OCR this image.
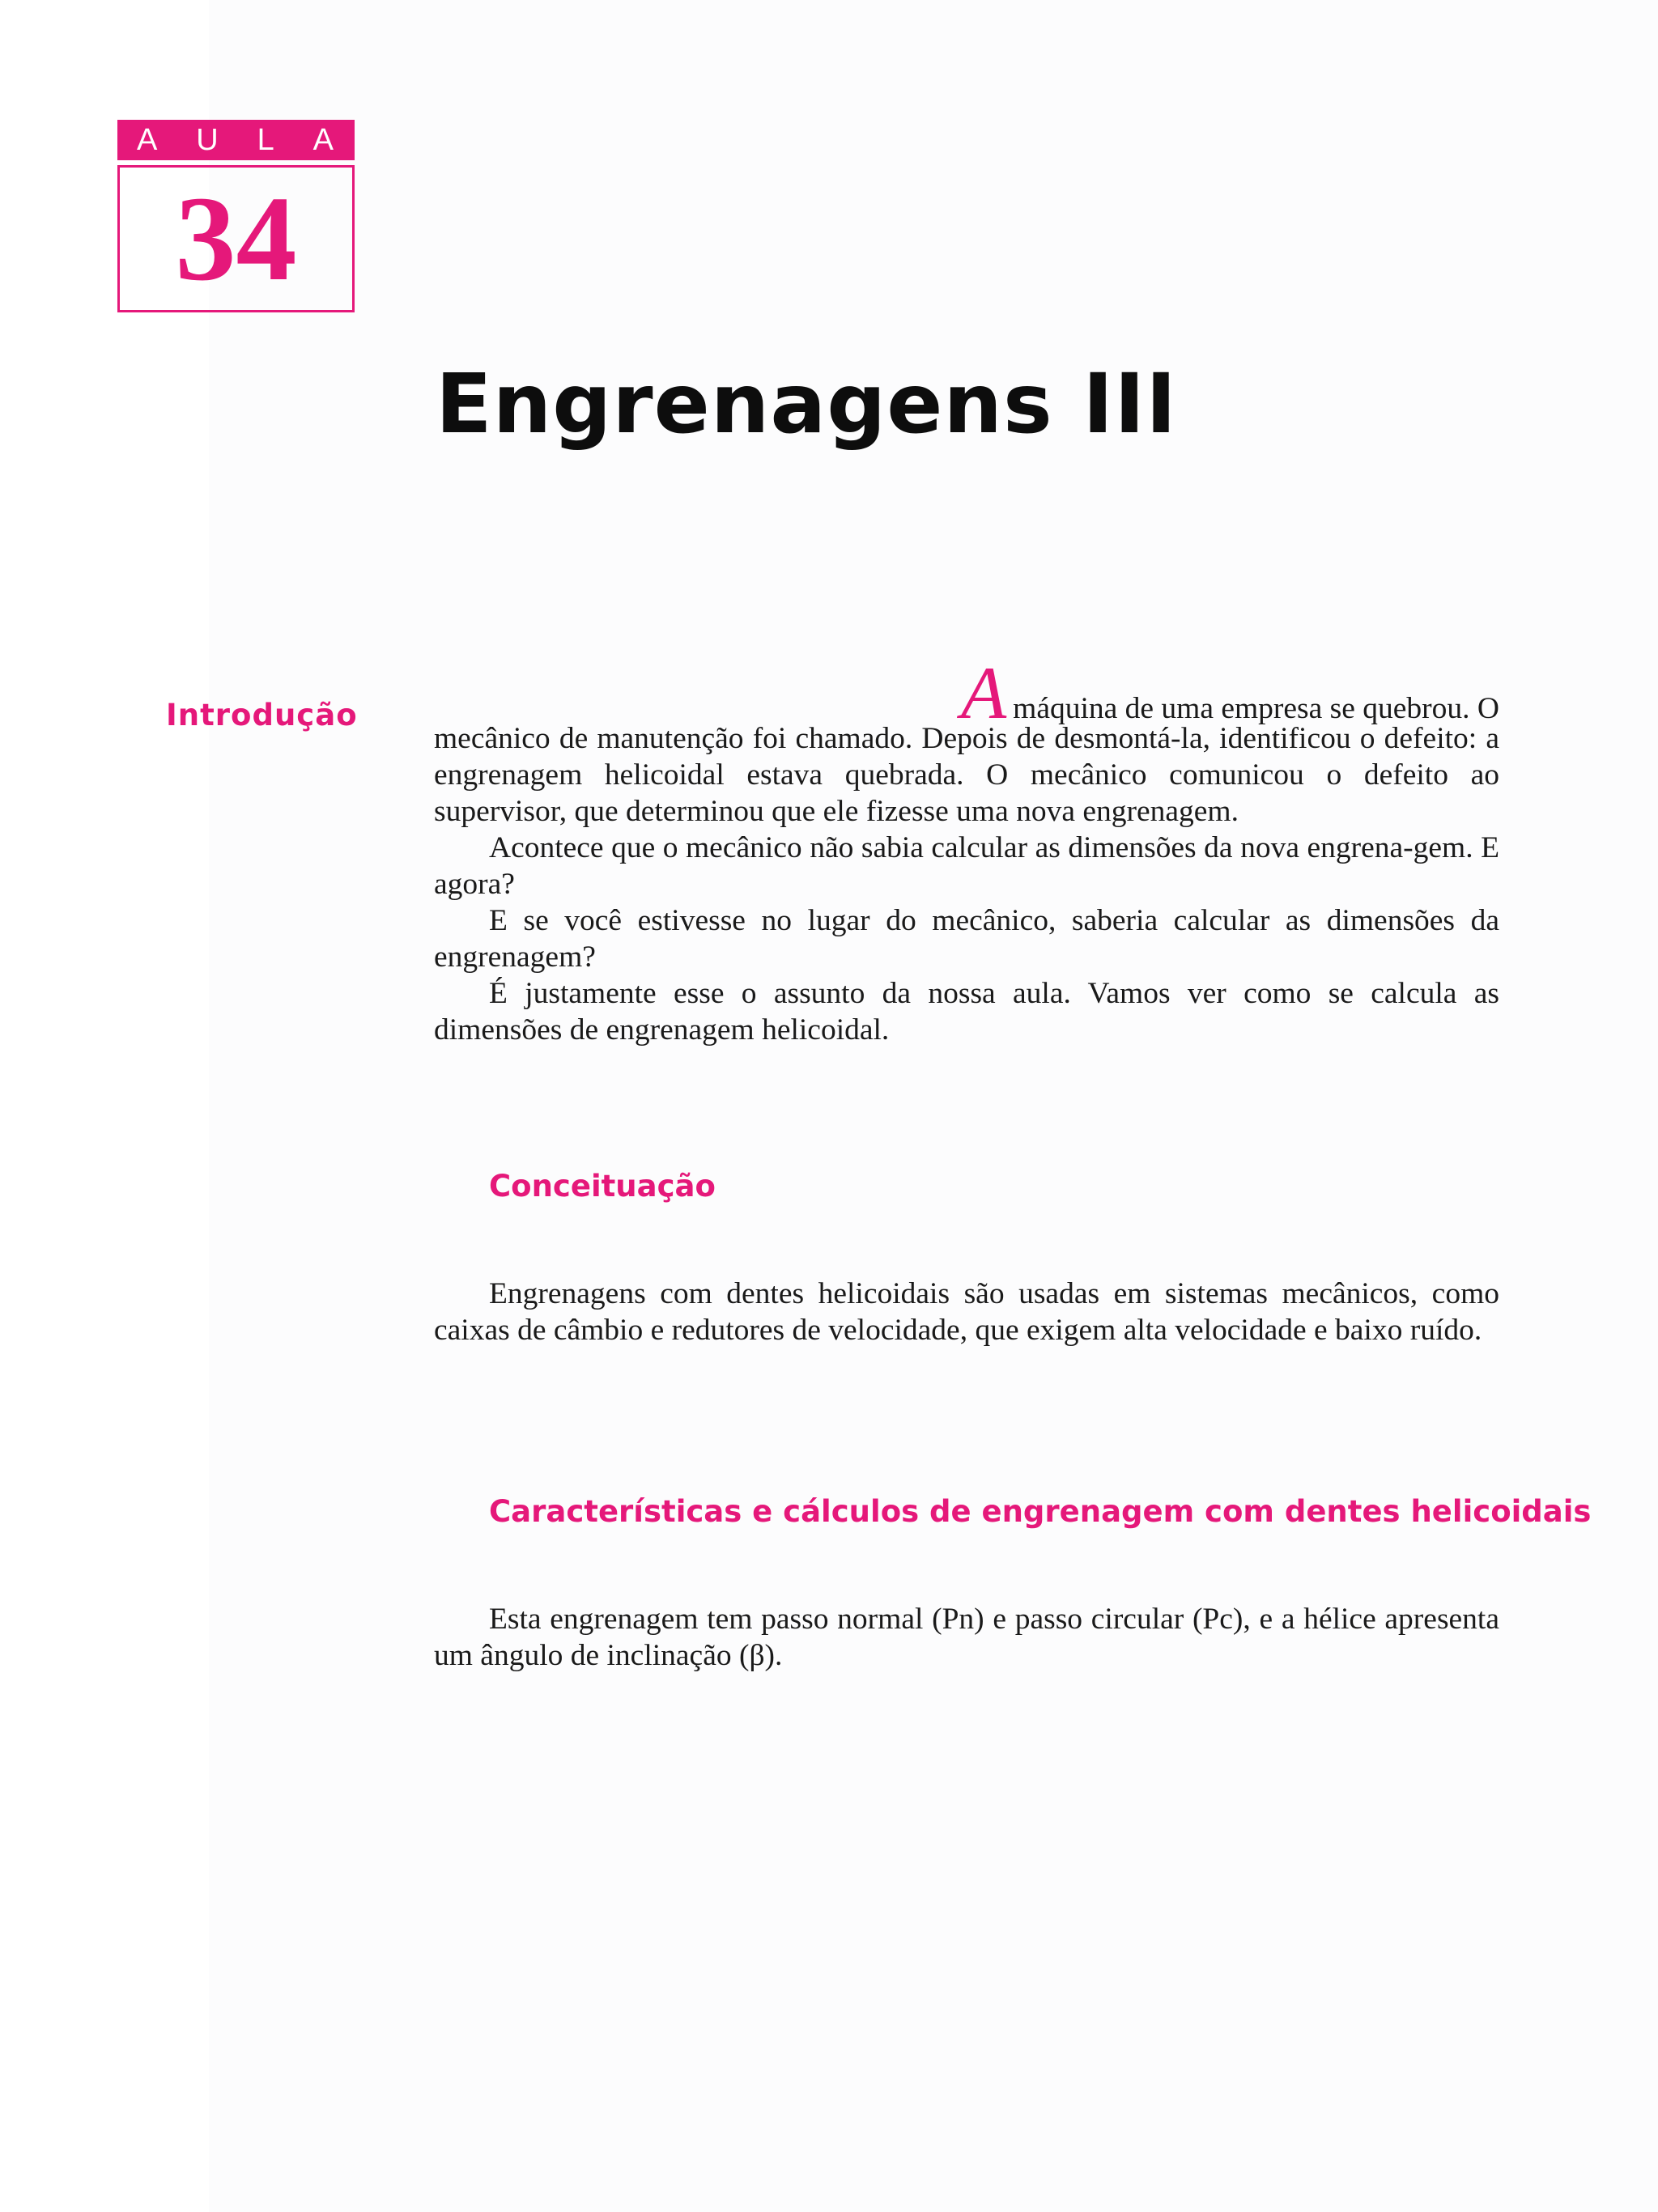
A U L A
34
Engrenagens III
Introdução	Amáquina de uma empresa se quebrou. O

mecânico de manutenção foi chamado. Depois de desmontá-la, identificou o defeito: a engrenagem helicoidal estava quebrada. O mecânico comunicou o defeito ao supervisor, que determinou que ele fizesse uma nova engrenagem.

Acontece que o mecânico não sabia calcular as dimensões da nova engrena-gem. E agora?

E se você estivesse no lugar do mecânico, saberia calcular as dimensões da engrenagem?

É justamente esse o assunto da nossa aula. Vamos ver como se calcula as dimensões de engrenagem helicoidal.

Conceituação

Engrenagens com dentes helicoidais são usadas em sistemas mecânicos, como caixas de câmbio e redutores de velocidade, que exigem alta velocidade e baixo ruído.

Características e cálculos de engrenagem com dentes helicoidais

Esta engrenagem tem passo normal (Pn) e passo circular (Pc), e a hélice apresenta um ângulo de inclinação (β).
